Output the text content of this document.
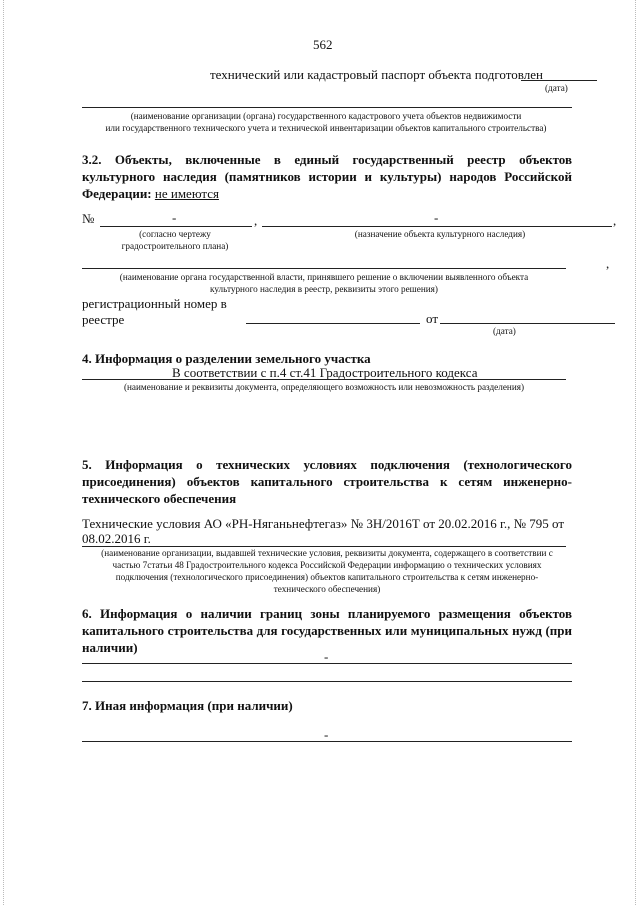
562
технический или кадастровый паспорт объекта подготовлен
(дата)
(наименование организации (органа) государственного кадастрового учета объектов недвижимости
или государственного технического учета и технической инвентаризации объектов капитального строительства)
3.2. Объекты, включенные в единый государственный реестр объектов
культурного наследия (памятников истории и культуры) народов Российской
Федерации: не имеются
№	-	,	-	,
(согласно чертежу
градостроительного плана)
(назначение объекта культурного наследия)
,
(наименование органа государственной власти, принявшего решение о включении выявленного объекта
культурного наследия в реестр, реквизиты этого решения)
регистрационный номер в
реестре	от
(дата)
4. Информация о разделении земельного участка
В соответствии с п.4 ст.41 Градостроительного кодекса
(наименование и реквизиты документа, определяющего возможность или невозможность разделения)
5. Информация о технических условиях подключения (технологического
присоединения) объектов капитального строительства к сетям инженерно-
технического обеспечения
Технические условия АО «РН-Няганьнефтегаз» № 3Н/2016Т от 20.02.2016 г., № 795 от
08.02.2016 г.
(наименование организации, выдавшей технические условия, реквизиты документа, содержащего в соответствии с
частью 7статьи 48 Градостроительного кодекса Российской Федерации информацию о технических условиях
подключения (технологического присоединения) объектов капитального строительства к сетям инженерно-
технического обеспечения)
6. Информация о наличии границ зоны планируемого размещения объектов
капитального строительства для государственных или муниципальных нужд (при
наличии)
-
7. Иная информация (при наличии)
-
